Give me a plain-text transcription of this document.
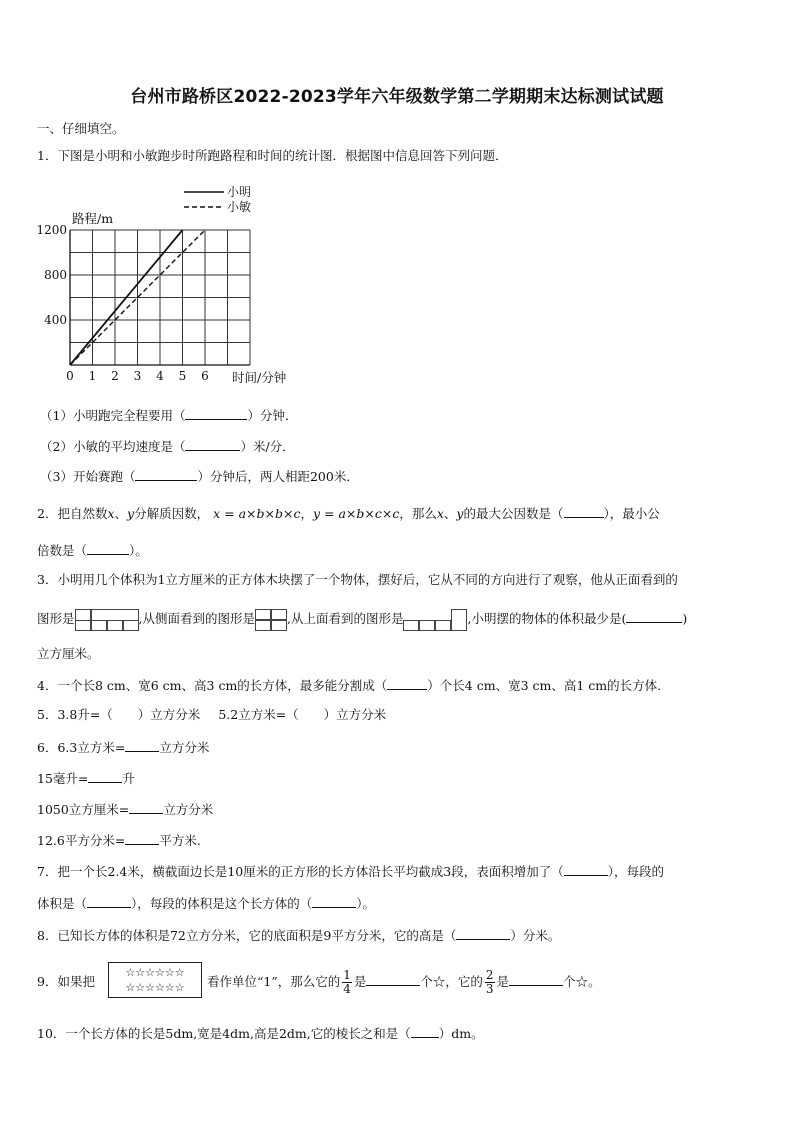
台州市路桥区2022-2023学年六年级数学第二学期期末达标测试试题
一、仔细填空。
1．下图是小明和小敏跑步时所跑路程和时间的统计图．根据图中信息回答下列问题．
0 1 2 3 4 5 6
400
800
1200
时间/分钟
路程/m
小明
小敏
（1）小明跑完全程要用（	）分钟．
（2）小敏的平均速度是（	）米/分．
（3）开始赛跑（	）分钟后，两人相距200米．
2．把自然数x、y分解质因数， x = a×b×b×c，y = a×b×c×c，那么x、y的最大公因数是（	），最小公
倍数是（	）。
3．小明用几个体积为1立方厘米的正方体木块摆了一个物体，摆好后，它从不同的方向进行了观察，他从正面看到的
图形是	,从侧面看到的图形是	,从上面看到的图形是	,小明摆的物体的体积最少是(	)
立方厘米。
4．一个长8 cm、宽6 cm、高3 cm的长方体，最多能分割成（	）个长4 cm、宽3 cm、高1 cm的长方体.
5．3.8升=（　　）立方分米 5.2立方米=（　　）立方分米
6．6.3立方米=	立方分米
15毫升=	升
1050立方厘米=	立方分米
12.6平方分米=	平方米.
7．把一个长2.4米，横截面边长是10厘米的正方形的长方体沿长平均截成3段，表面积增加了（	），每段的
体积是（	），每段的体积是这个长方体的（	）。
8．已知长方体的体积是72立方分米，它的底面积是9平方分米，它的高是（	）分米。
9．如果把
☆☆☆☆☆☆
☆☆☆☆☆☆	看作单位“1”，那么它的 $\frac{1}{4}$ 是	个☆，它的 $\frac{2}{3}$ 是	个☆。
10．一个长方体的长是5dm,宽是4dm,高是2dm,它的棱长之和是（ ）dm。
